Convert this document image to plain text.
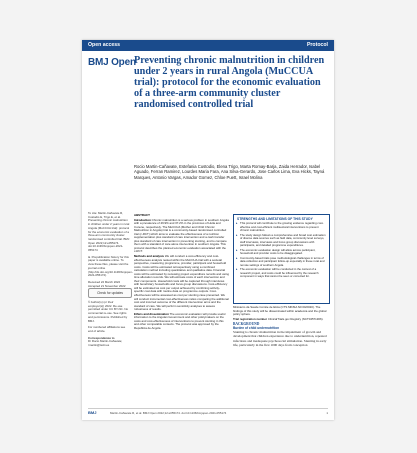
Open access	Protocol
BMJ Open
Preventing chronic malnutrition in children under 2 years in rural Angola (MuCCUA trial): protocol for the economic evaluation of a three-arm community cluster randomised controlled trial
Rocio Martin-Cañavate, Estefania Custodio, Elena Trigo, Marta Romay-Barja, Zaida Herrador, Isabel Aguado, Ferran Ramirez, Lourdes Maria Fara, Ana Silva-Gerardo, Jose Carlos Lima, Eva Hicks, Tayná Marques, Antonio Vargas, Amador Gomez, Chloe Puett, Israel Molina

To cite: Martin-Cañavate R, Custodio E, Trigo E, et al. Preventing chronic malnutrition in children under 2 years in rural Angola (MuCCUA trial): protocol for the economic evaluation of a three-arm community cluster randomised controlled trial. BMJ Open 2022;12:e055174. doi:10.1136/bmjopen-2021-055174

► Prepublication history for this paper is available online. To view these files, please visit the journal online (http://dx.doi.org/10.1136/bmjopen-2021-055174).

Received 22 March 2022
Accepted 21 November 2022

Check for updates

© Author(s) (or their employer(s)) 2022. Re-use permitted under CC BY-NC. No commercial re-use. See rights and permissions. Published by BMJ.

For numbered affiliations see end of article.

Correspondence to
Dr Rocio Martin-Cañavate; rmartin@isciii.es

ABSTRACT

Introduction Chronic malnutrition is a serious problem in southern Angola with a prevalence of 49.9% and 37.2% in the provinces of Huila and Cunene, respectively. The MuCCUA (Mother and Child Chronic Malnutrition in Angola) trial is a community-based randomised controlled trial (c-RCT) which aims to evaluate the effectiveness of a nutrition supplementation plus standard of care intervention and a cash transfer plus standard of care intervention in preventing stunting, and to compare them with a standard of care alone intervention in southern Angola. This protocol describes the planned economic evaluation associated with the c-RCT.

Methods and analysis We will conduct a cost-efficiency and cost-effectiveness analysis nested within the MuCCUA trial with a societal perspective, measuring programme, provider, participant and household costs. Costs will be estimated retrospectively using a combined calculation method including quantitative and qualitative data. Financial costs will be estimated by reviewing project expenditure records and using time allocation records. We will estimate costs of each intervention and their components. Household costs will be captured through interviews with beneficiary households and focus group discussions. Cost-efficiency will be estimated as cost per output achieved by combining activity-specific cost data with routine data on programme outputs. Cost-effectiveness will be assessed as cost per stunting case prevented. We will conduct incremental cost-effectiveness ratios comparing the additional cost and incurred outcome of the different intervention arms and the standard of care. We will perform sensitivity analyses to assess robustness of results.

Ethics and dissemination The economic evaluation will provide useful information to the Angolan Government and other policymakers on the costs and cost-effectiveness of interventions to prevent stunting in this and other comparable contexts. The protocol was approved by the Republica de Angola

STRENGTHS AND LIMITATIONS OF THIS STUDY
▸ This protocol will contribute to the growing evidence regarding cost-effective and cost-efficient multisectoral interventions to prevent chronic malnutrition.
▸ The study design follows a comprehensive and broad cost estimation of diverse data sources such as field data, community level surveys, staff interviews, interviews and focus group discussions with participants, and detailed programme expenditures.
▸ The economic evaluation design will allow across participant, household and provider costs to be disaggregated.
▸ Community-based trials pose methodological challenges in terms of data collection and participant follow-up especially in these rural and remote settings of southern Angola.
▸ The economic evaluation will be conducted in the context of a research project, and costs could be influenced by the research component in ways that cannot be seen or corrected for.

Ministerio da Saude Comite de Etica (CTS MINSA N0 00/2020). The findings of this study will be disseminated within academia and the global policy sphere.

Trial registration number ClinicalTrials.gov Registry (NCT04571306).

BACKGROUND
Burden of child undernutrition
Stunting is chronic malnutrition in the impairment of growth and development that children experience due to undernutrition, repeated infections and inadequate psychosocial stimulation. Stunting in early life, particularly in the first 1000 days from conception
BMJ	Martin-Cañavate R, et al. BMJ Open 2022;12:e055174. doi:10.1136/bmjopen-2021-055174	1
